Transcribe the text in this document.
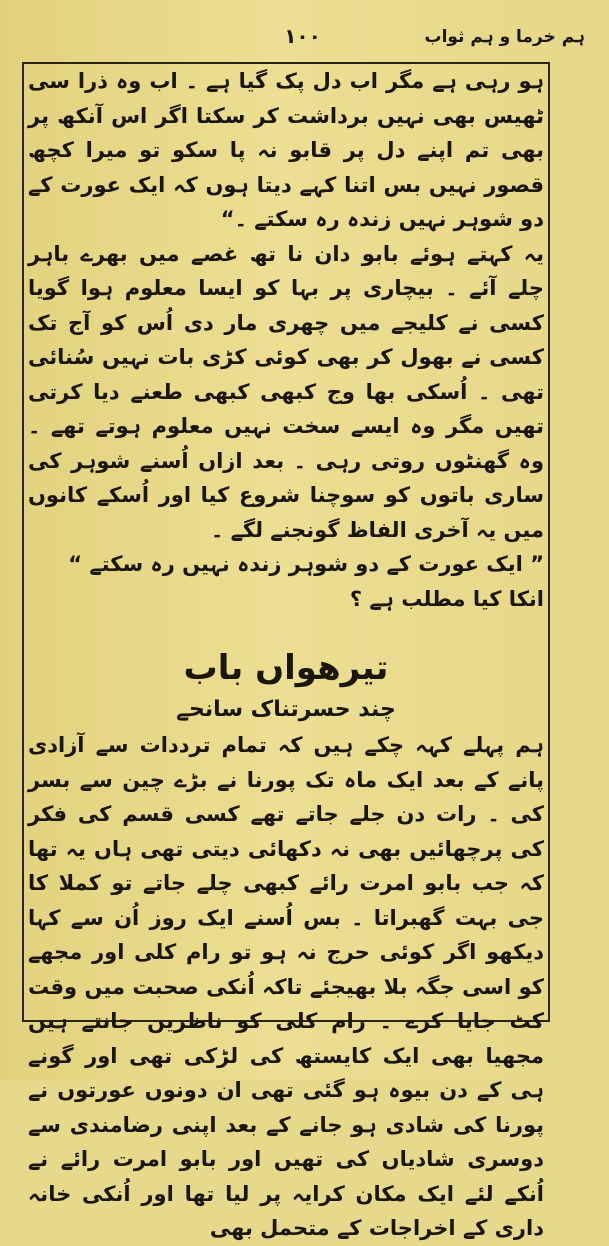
ہم خرما و ہم ثواب
۱۰۰

ہو رہی ہے مگر اب دل پک گیا ہے ۔ اب وہ ذرا سی ٹھیس بھی نہیں برداشت کر سکتا اگر اس آنکھ پر بھی تم اپنے دل پر قابو نہ پا سکو تو میرا کچھ قصور نہیں بس اتنا کہے دیتا ہوں کہ ایک عورت کے دو شوہر نہیں زندہ رہ سکتے ۔“

یہ کہتے ہوئے بابو دان نا تھ غصے میں بھرے باہر چلے آئے ۔ بیچاری پر بہا کو ایسا معلوم ہوا گویا کسی نے کلیجے میں چھری مار دی اُس کو آج تک کسی نے بھول کر بھی کوئی کڑی بات نہیں سُنائی تھی ۔ اُسکی بھا وج کبھی کبھی طعنے دیا کرتی تھیں مگر وہ ایسے سخت نہیں معلوم ہوتے تھے ۔ وہ گھنٹوں روتی رہی ۔ بعد ازاں اُسنے شوہر کی ساری باتوں کو سوچنا شروع کیا اور اُسکے کانوں میں یہ آخری الفاظ گونجنے لگے ۔

” ایک عورت کے دو شوہر زندہ نہیں رہ سکتے “

انکا کیا مطلب ہے ؟

تیرھواں باب
چند حسرتناک سانحے

ہم پہلے کہہ چکے ہیں کہ تمام ترددات سے آزادی پانے کے بعد ایک ماہ تک پورنا نے بڑے چین سے بسر کی ۔ رات دن جلے جاتے تھے کسی قسم کی فکر کی پرچھائیں بھی نہ دکھائی دیتی تھی ہاں یہ تھا کہ جب بابو امرت رائے کبھی چلے جاتے تو کملا کا جی بہت گھبراتا ۔ بس اُسنے ایک روز اُن سے کہا دیکھو اگر کوئی حرج نہ ہو تو رام کلی اور مجھے کو اسی جگہ بلا بھیجئے تاکہ اُنکی صحبت میں وقت کٹ جایا کرے ۔ رام کلی کو ناظرین جانتے ہیں مجھیا بھی ایک کایستھ کی لڑکی تھی اور گونے ہی کے دن بیوہ ہو گئی تھی ان دونوں عورتوں نے پورنا کی شادی ہو جانے کے بعد اپنی رضامندی سے دوسری شادیاں کی تھیں اور بابو امرت رائے نے اُنکے لئے ایک مکان کرایہ پر لیا تھا اور اُنکی خانہ داری کے اخراجات کے متحمل بھی
